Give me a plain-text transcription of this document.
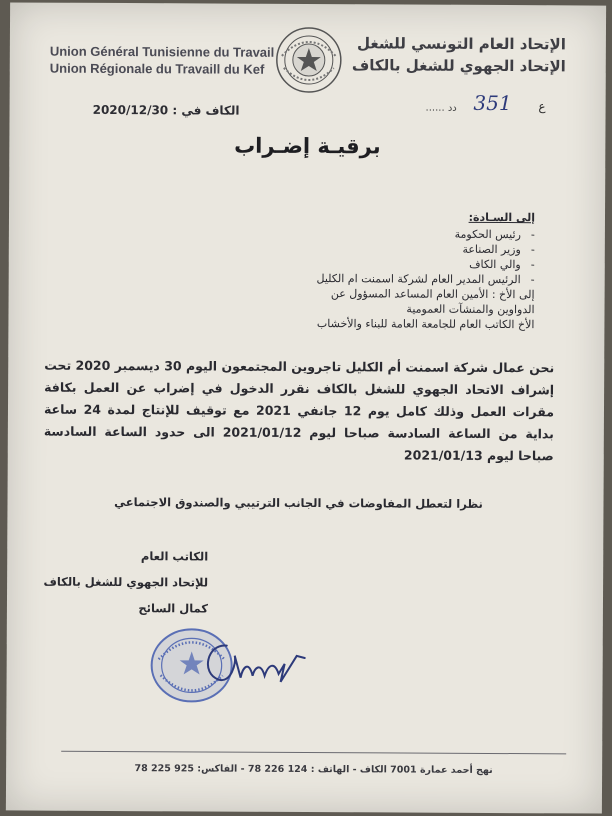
Union Général Tunisienne du Travail
Union Régionale du Travaill du Kef
الإتحاد العام التونسي للشغل
الإتحاد الجهوي للشغل بالكاف
ع
351
...... دد
الكاف في : 2020/12/30
برقيـة إضـراب
إلى السـادة:
- رئيس الحكومة
- وزير الصناعة
- والي الكاف
- الرئيس المدير العام لشركة اسمنت ام الكليل
إلى الأخ : الأمين العام المساعد المسؤول عن
الدواوين والمنشآت العمومية
الأخ الكاتب العام للجامعة العامة للبناء والأخشاب

نحن عمال شركة اسمنت أم الكليل تاجروين المجتمعون اليوم 30 ديسمبر 2020 تحت إشراف الاتحاد الجهوي للشغل بالكاف نقرر الدخول في إضراب عن العمل بكافة مقرات العمل وذلك كامل يوم 12 جانفي 2021 مع توقيف للإنتاج لمدة 24 ساعة بداية من الساعة السادسة صباحا ليوم 2021/01/12 الى حدود الساعة السادسة صباحا ليوم 2021/01/13

نظرا لتعطل المفاوضات في الجانب الترتيبي والصندوق الاجتماعي
الكاتب العام
للإتحاد الجهوي للشغل بالكاف
كمال السائح
نهج أحمد عمارة 7001 الكاف - الهاتف : 124 226 78 - الفاكس: 925 225 78
